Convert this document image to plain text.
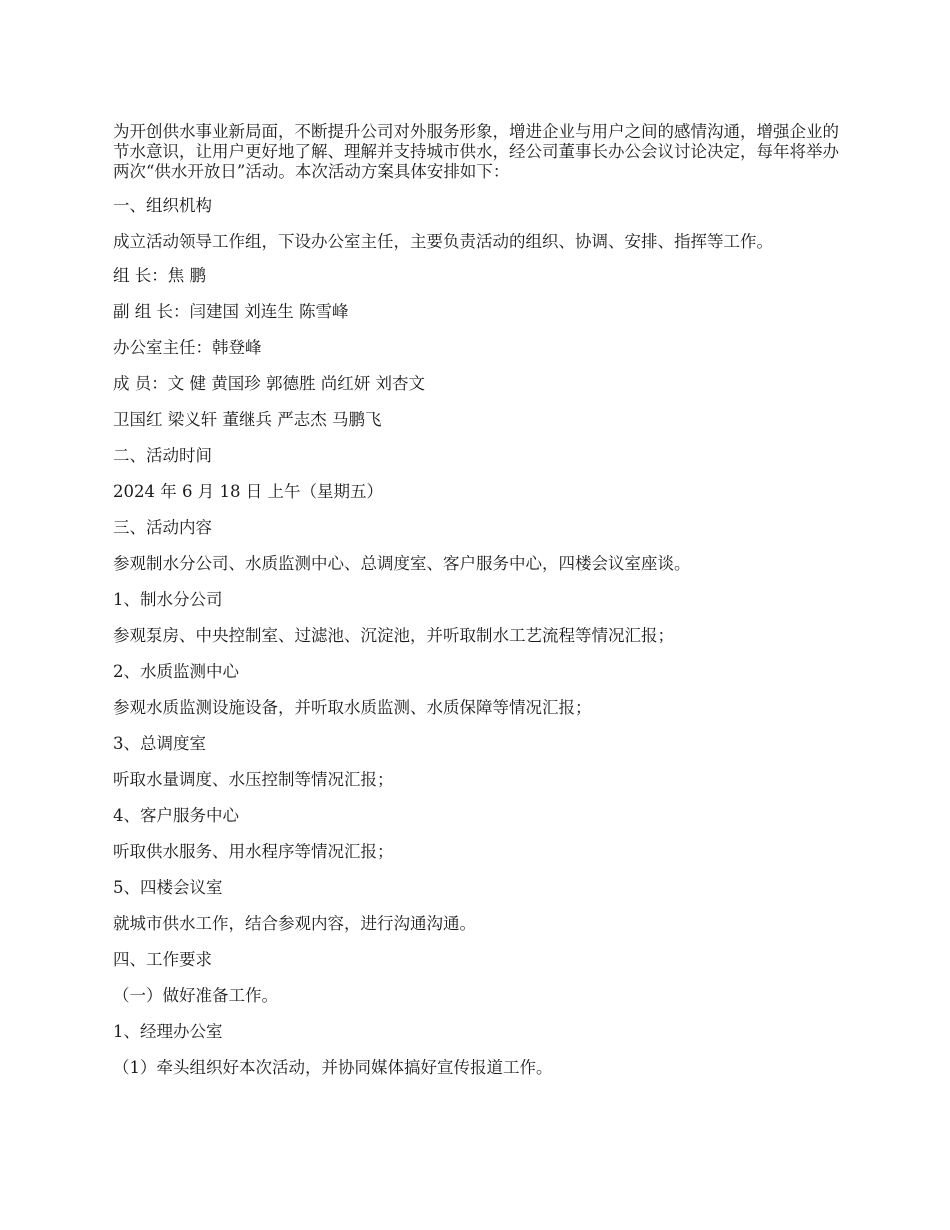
为开创供水事业新局面，不断提升公司对外服务形象，增进企业与用户之间的感情沟通，增强企业的节水意识，让用户更好地了解、理解并支持城市供水，经公司董事长办公会议讨论决定，每年将举办两次“供水开放日”活动。本次活动方案具体安排如下：

一、组织机构

成立活动领导工作组，下设办公室主任，主要负责活动的组织、协调、安排、指挥等工作。

组 长：焦 鹏

副 组 长：闫建国 刘连生 陈雪峰

办公室主任：韩登峰

成 员：文 健 黄国珍 郭德胜 尚红妍 刘杏文

卫国红 梁义轩 董继兵 严志杰 马鹏飞

二、活动时间

2024 年 6 月 18 日 上午（星期五）

三、活动内容

参观制水分公司、水质监测中心、总调度室、客户服务中心，四楼会议室座谈。

1、制水分公司

参观泵房、中央控制室、过滤池、沉淀池，并听取制水工艺流程等情况汇报；

2、水质监测中心

参观水质监测设施设备，并听取水质监测、水质保障等情况汇报；

3、总调度室

听取水量调度、水压控制等情况汇报；

4、客户服务中心

听取供水服务、用水程序等情况汇报；

5、四楼会议室

就城市供水工作，结合参观内容，进行沟通沟通。

四、工作要求

（一）做好准备工作。

1、经理办公室

（1）牵头组织好本次活动，并协同媒体搞好宣传报道工作。
